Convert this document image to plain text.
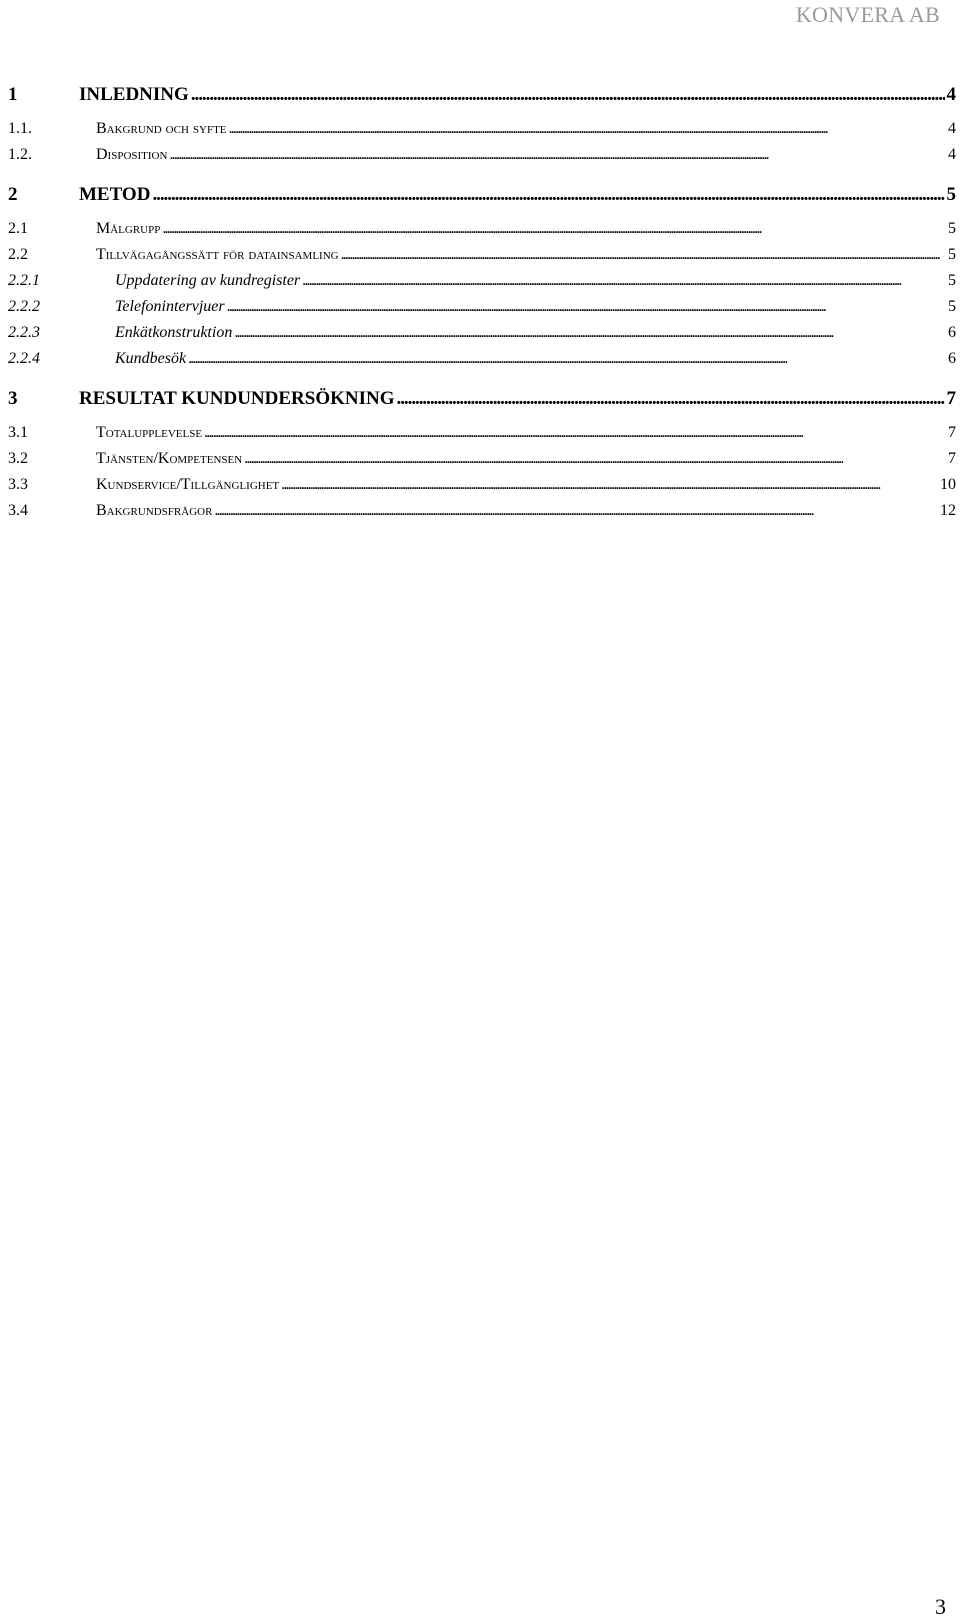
KONVERA AB
1	INLEDNING . . .	4
1.1.	Bakgrund och syfte . . .	4
1.2.	Disposition . . .	4
2	METOD . . .	5
2.1	Målgrupp . . .	5
2.2	Tillvägagångssätt för datainsamling . . .	5
2.2.1	Uppdatering av kundregister . . .	5
2.2.2	Telefonintervjuer . . .	5
2.2.3	Enkätkonstruktion . . .	6
2.2.4	Kundbesök . . .	6
3	RESULTAT KUNDUNDERSÖKNING . . .	7
3.1	Totalupplevelse . . .	7
3.2	Tjänsten/Kompetensen . . .	7
3.3	Kundservice/Tillgänglighet . . .	10
3.4	Bakgrundsfrågor . . .	12
3
